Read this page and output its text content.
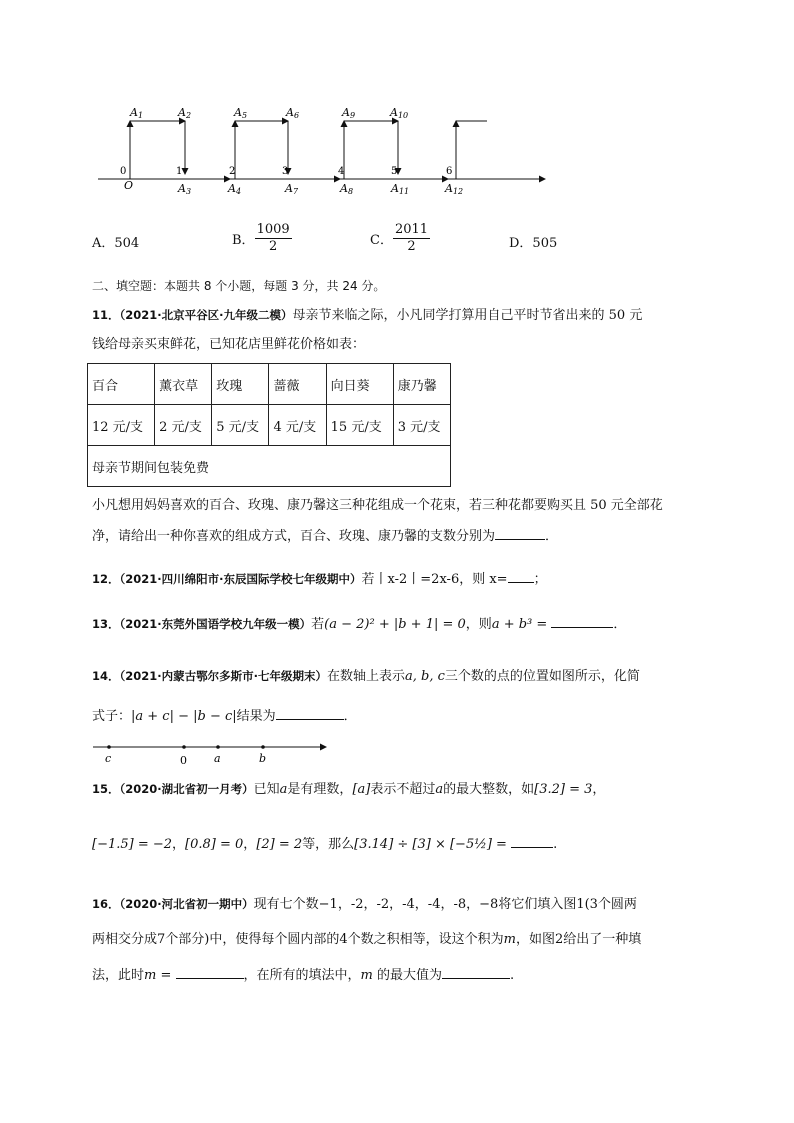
A1	A2	A5	A6	A9	A10
0	1	2	3	4	5	6
O	A3	A4	A7	A8	A11	A12
A．504	B． $\frac{1009}{2}$	C． $\frac{2011}{2}$	D．505
二、填空题：本题共 8 个小题，每题 3 分，共 24 分。
11．（2021·北京平谷区·九年级二模）母亲节来临之际，小凡同学打算用自己平时节省出来的 50 元
钱给母亲买束鲜花，已知花店里鲜花价格如表：
百合	薰衣草	玫瑰	蔷薇	向日葵	康乃馨
12 元/支	2 元/支	5 元/支	4 元/支	15 元/支	3 元/支
母亲节期间包装免费					
小凡想用妈妈喜欢的百合、玫瑰、康乃馨这三种花组成一个花束，若三种花都要购买且 50 元全部花
净，请给出一种你喜欢的组成方式，百合、玫瑰、康乃馨的支数分别为	．
12．（2021·四川绵阳市·东辰国际学校七年级期中）若丨x-2丨=2x-6，则 x= ；
13．（2021·东莞外国语学校九年级一模）若(a − 2)² + |b + 1| = 0，则a + b³ =	．
14．（2021·内蒙古鄂尔多斯市·七年级期末）在数轴上表示a, b, c三个数的点的位置如图所示，化简
式子：|a + c| − |b − c|结果为	．
c	0 a	b
15．（2020·湖北省初一月考）已知a是有理数，[a]表示不超过a的最大整数，如[3.2] = 3，
[−1.5] = −2，[0.8] = 0，[2] = 2等，那么[3.14] ÷ [3] × [−5½] =	.
16．（2020·河北省初一期中）现有七个数−1，-2，-2，-4，-4，-8，−8将它们填入图1(3个圆两
两相交分成7个部分)中，使得每个圆内部的4个数之积相等，设这个积为m，如图2给出了一种填
法，此时m =	，在所有的填法中，m 的最大值为	.
